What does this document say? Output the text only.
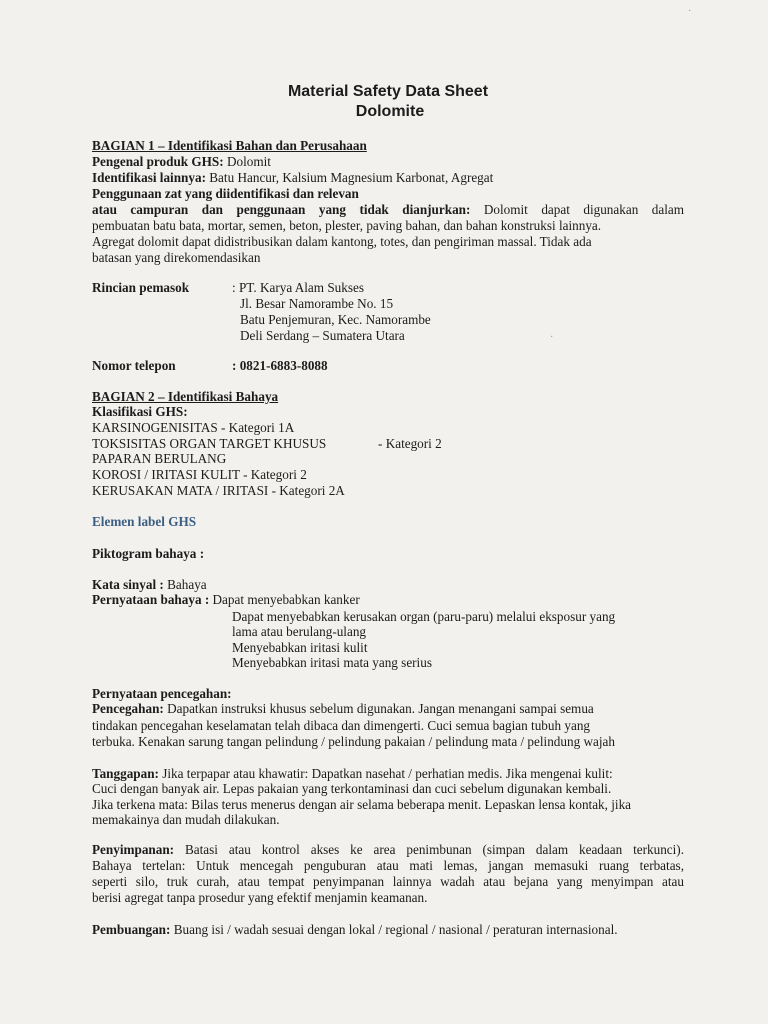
Material Safety Data Sheet
Dolomite
BAGIAN 1 – Identifikasi Bahan dan Perusahaan
Pengenal produk GHS: Dolomit
Identifikasi lainnya: Batu Hancur, Kalsium Magnesium Karbonat, Agregat
Penggunaan zat yang diidentifikasi dan relevan
atau campuran dan penggunaan yang tidak dianjurkan: Dolomit dapat digunakan dalam
pembuatan batu bata, mortar, semen, beton, plester, paving bahan, dan bahan konstruksi lainnya.
Agregat dolomit dapat didistribusikan dalam kantong, totes, dan pengiriman massal. Tidak ada
batasan yang direkomendasikan
Rincian pemasok	: PT. Karya Alam Sukses
Jl. Besar Namorambe No. 15
Batu Penjemuran, Kec. Namorambe
Deli Serdang – Sumatera Utara
Nomor telepon	: 0821-6883-8088
BAGIAN 2 – Identifikasi Bahaya
Klasifikasi GHS:
KARSINOGENISITAS - Kategori 1A
TOKSISITAS ORGAN TARGET KHUSUS	- Kategori 2
PAPARAN BERULANG
KOROSI / IRITASI KULIT - Kategori 2
KERUSAKAN MATA / IRITASI - Kategori 2A
Elemen label GHS
Piktogram bahaya :
Kata sinyal : Bahaya
Pernyataan bahaya : Dapat menyebabkan kanker
Dapat menyebabkan kerusakan organ (paru-paru) melalui eksposur yang
lama atau berulang-ulang
Menyebabkan iritasi kulit
Menyebabkan iritasi mata yang serius
Pernyataan pencegahan:
Pencegahan: Dapatkan instruksi khusus sebelum digunakan. Jangan menangani sampai semua
tindakan pencegahan keselamatan telah dibaca dan dimengerti. Cuci semua bagian tubuh yang
terbuka. Kenakan sarung tangan pelindung / pelindung pakaian / pelindung mata / pelindung wajah
Tanggapan: Jika terpapar atau khawatir: Dapatkan nasehat / perhatian medis. Jika mengenai kulit:
Cuci dengan banyak air. Lepas pakaian yang terkontaminasi dan cuci sebelum digunakan kembali.
Jika terkena mata: Bilas terus menerus dengan air selama beberapa menit. Lepaskan lensa kontak, jika
memakainya dan mudah dilakukan.
Penyimpanan: Batasi atau kontrol akses ke area penimbunan (simpan dalam keadaan terkunci).
Bahaya tertelan: Untuk mencegah penguburan atau mati lemas, jangan memasuki ruang terbatas,
seperti silo, truk curah, atau tempat penyimpanan lainnya wadah atau bejana yang menyimpan atau
berisi agregat tanpa prosedur yang efektif menjamin keamanan.
Pembuangan: Buang isi / wadah sesuai dengan lokal / regional / nasional / peraturan internasional.
·
·
